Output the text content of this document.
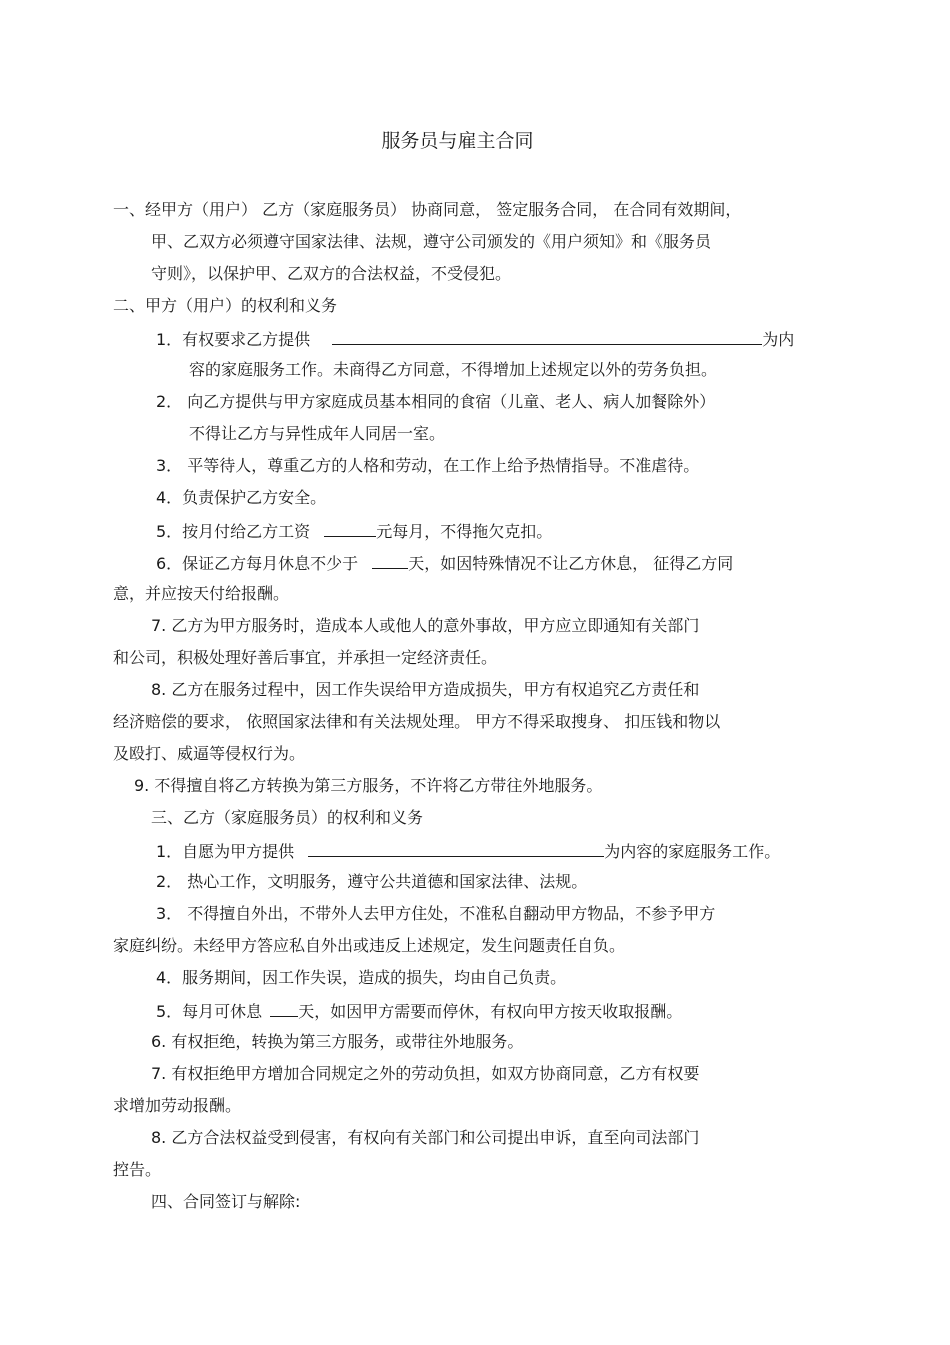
服务员与雇主合同
一、经甲方（用户） 乙方（家庭服务员） 协商同意， 签定服务合同， 在合同有效期间，
甲、乙双方必须遵守国家法律、法规，遵守公司颁发的《用户须知》和《服务员
守则》，以保护甲、乙双方的合法权益，不受侵犯。
二、甲方（用户）的权利和义务
1．有权要求乙方提供	为内
容的家庭服务工作。未商得乙方同意，不得增加上述规定以外的劳务负担。
2． 向乙方提供与甲方家庭成员基本相同的食宿（儿童、老人、病人加餐除外）
不得让乙方与异性成年人同居一室。
3． 平等待人，尊重乙方的人格和劳动，在工作上给予热情指导。不准虐待。
4．负责保护乙方安全。
5．按月付给乙方工资	元每月，不得拖欠克扣。
6．保证乙方每月休息不少于	天，如因特殊情况不让乙方休息， 征得乙方同
意，并应按天付给报酬。
7. 乙方为甲方服务时，造成本人或他人的意外事故，甲方应立即通知有关部门
和公司，积极处理好善后事宜，并承担一定经济责任。
8. 乙方在服务过程中，因工作失误给甲方造成损失，甲方有权追究乙方责任和
经济赔偿的要求， 依照国家法律和有关法规处理。 甲方不得采取搜身、 扣压钱和物以
及殴打、威逼等侵权行为。
9. 不得擅自将乙方转换为第三方服务，不许将乙方带往外地服务。
三、乙方（家庭服务员）的权利和义务
1．自愿为甲方提供	为内容的家庭服务工作。
2． 热心工作，文明服务，遵守公共道德和国家法律、法规。
3． 不得擅自外出，不带外人去甲方住处，不准私自翻动甲方物品，不参予甲方
家庭纠纷。未经甲方答应私自外出或违反上述规定，发生问题责任自负。
4．服务期间，因工作失误，造成的损失，均由自己负责。
5．每月可休息 天，如因甲方需要而停休，有权向甲方按天收取报酬。
6. 有权拒绝，转换为第三方服务，或带往外地服务。
7. 有权拒绝甲方增加合同规定之外的劳动负担，如双方协商同意，乙方有权要
求增加劳动报酬。
8. 乙方合法权益受到侵害，有权向有关部门和公司提出申诉，直至向司法部门
控告。
四、合同签订与解除:
